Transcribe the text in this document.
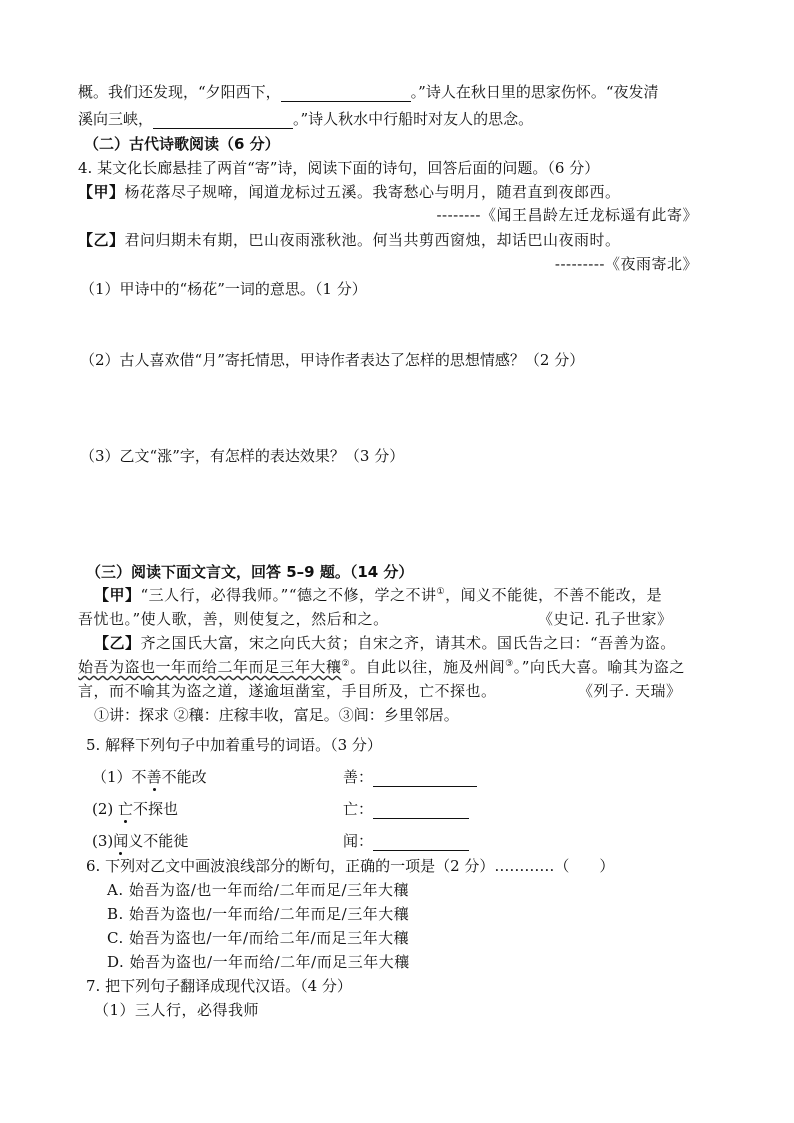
概。我们还发现，“夕阳西下，	。”诗人在秋日里的思家伤怀。“夜发清
溪向三峡，	。”诗人秋水中行船时对友人的思念。
（二）古代诗歌阅读（6 分）
4. 某文化长廊悬挂了两首“寄”诗，阅读下面的诗句，回答后面的问题。（6 分）
【甲】杨花落尽子规啼，闻道龙标过五溪。我寄愁心与明月，随君直到夜郎西。
--------《闻王昌龄左迁龙标遥有此寄》
【乙】君问归期未有期，巴山夜雨涨秋池。何当共剪西窗烛，却话巴山夜雨时。
---------《夜雨寄北》
（1）甲诗中的“杨花”一词的意思。（1 分）
（2）古人喜欢借“月”寄托情思，甲诗作者表达了怎样的思想情感？（2 分）
（3）乙文“涨”字，有怎样的表达效果？（3 分）
（三）阅读下面文言文，回答 5–9 题。（14 分）
【甲】“三人行，必得我师。”“德之不修，学之不讲①，闻义不能徙，不善不能改，是
吾忧也。”使人歌，善，则使复之，然后和之。	《史记. 孔子世家》
【乙】齐之国氏大富，宋之向氏大贫；自宋之齐，请其术。国氏告之曰：“吾善为盗。
始吾为盗也一年而给二年而足三年大穰②。自此以往，施及州闾③。”向氏大喜。喻其为盗之
言，而不喻其为盗之道，遂逾垣凿室，手目所及，亡不探也。	《列子. 天瑞》
①讲：探求 ②穰：庄稼丰收，富足。③闾：乡里邻居。
5. 解释下列句子中加着重号的词语。（3 分）
（1）不善不能改	善：
(2) 亡不探也	亡：
(3)闻义不能徙	闻：
6. 下列对乙文中画波浪线部分的断句，正确的一项是（2 分）…………（　　）
A. 始吾为盗/也一年而给/二年而足/三年大穰
B. 始吾为盗也/一年而给/二年而足/三年大穰
C. 始吾为盗也/一年/而给二年/而足三年大穰
D. 始吾为盗也/一年而给/二年/而足三年大穰
7. 把下列句子翻译成现代汉语。（4 分）
（1）三人行，必得我师
